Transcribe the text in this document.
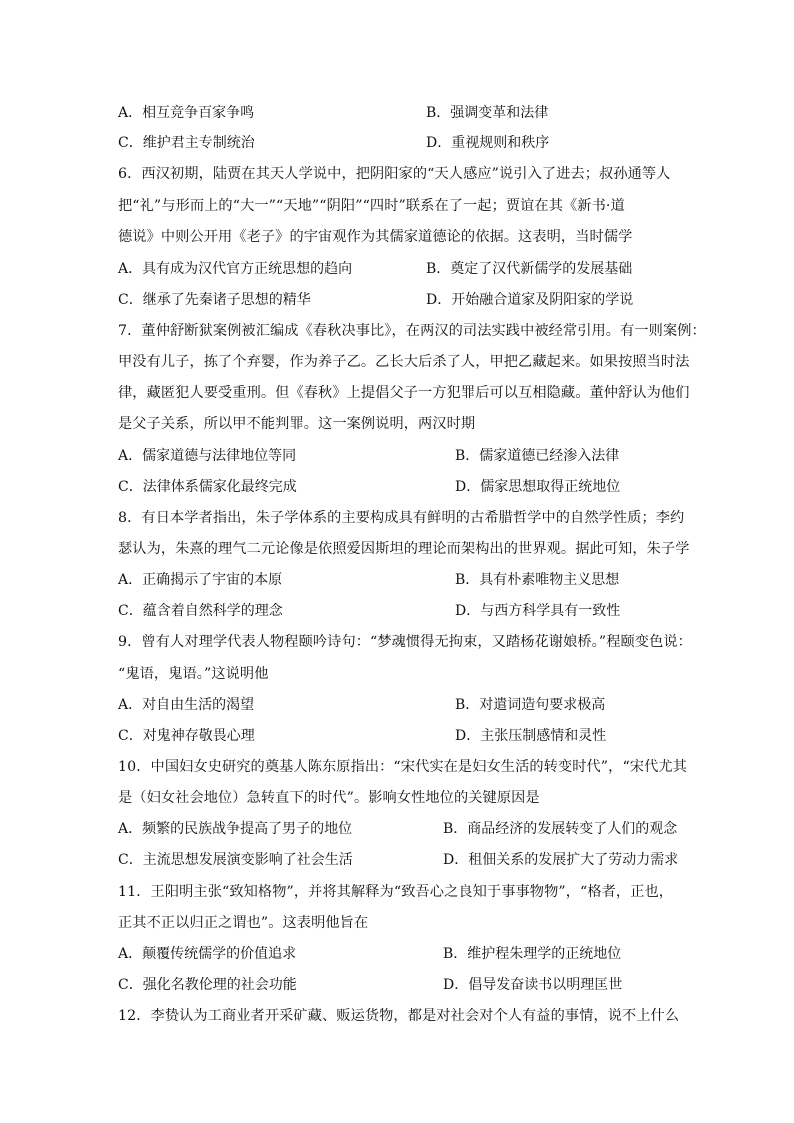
A．相互竞争百家争鸣	B．强调变革和法律
C．维护君主专制统治	D．重视规则和秩序
6．西汉初期，陆贾在其天人学说中，把阴阳家的“天人感应”说引入了进去；叔孙通等人
把“礼”与形而上的“大一”“天地”“阴阳”“四时”联系在了一起；贾谊在其《新书·道
德说》中则公开用《老子》的宇宙观作为其儒家道德论的依据。这表明，当时儒学
A．具有成为汉代官方正统思想的趋向	B．奠定了汉代新儒学的发展基础
C．继承了先秦诸子思想的精华	D．开始融合道家及阴阳家的学说
7．董仲舒断狱案例被汇编成《春秋决事比》，在两汉的司法实践中被经常引用。有一则案例：
甲没有儿子，拣了个弃婴，作为养子乙。乙长大后杀了人，甲把乙藏起来。如果按照当时法
律，藏匿犯人要受重刑。但《春秋》上提倡父子一方犯罪后可以互相隐藏。董仲舒认为他们
是父子关系，所以甲不能判罪。这一案例说明，两汉时期
A．儒家道德与法律地位等同	B．儒家道德已经渗入法律
C．法律体系儒家化最终完成	D．儒家思想取得正统地位
8．有日本学者指出，朱子学体系的主要构成具有鲜明的古希腊哲学中的自然学性质；李约
瑟认为，朱熹的理气二元论像是依照爱因斯坦的理论而架构出的世界观。据此可知，朱子学
A．正确揭示了宇宙的本原	B．具有朴素唯物主义思想
C．蕴含着自然科学的理念	D．与西方科学具有一致性
9．曾有人对理学代表人物程颐吟诗句：“梦魂惯得无拘束，又踏杨花谢娘桥。”程颐变色说：
“鬼语，鬼语。”这说明他
A．对自由生活的渴望	B．对遣词造句要求极高
C．对鬼神存敬畏心理	D．主张压制感情和灵性
10．中国妇女史研究的奠基人陈东原指出：“宋代实在是妇女生活的转变时代”，“宋代尤其
是（妇女社会地位）急转直下的时代”。影响女性地位的关键原因是
A．频繁的民族战争提高了男子的地位	B．商品经济的发展转变了人们的观念
C．主流思想发展演变影响了社会生活	D．租佃关系的发展扩大了劳动力需求
11．王阳明主张“致知格物”，并将其解释为“致吾心之良知于事事物物”，“格者，正也，
正其不正以归正之谓也”。这表明他旨在
A．颠覆传统儒学的价值追求	B．维护程朱理学的正统地位
C．强化名教伦理的社会功能	D．倡导发奋读书以明理匡世
12．李贽认为工商业者开采矿藏、贩运货物，都是对社会对个人有益的事情，说不上什么
